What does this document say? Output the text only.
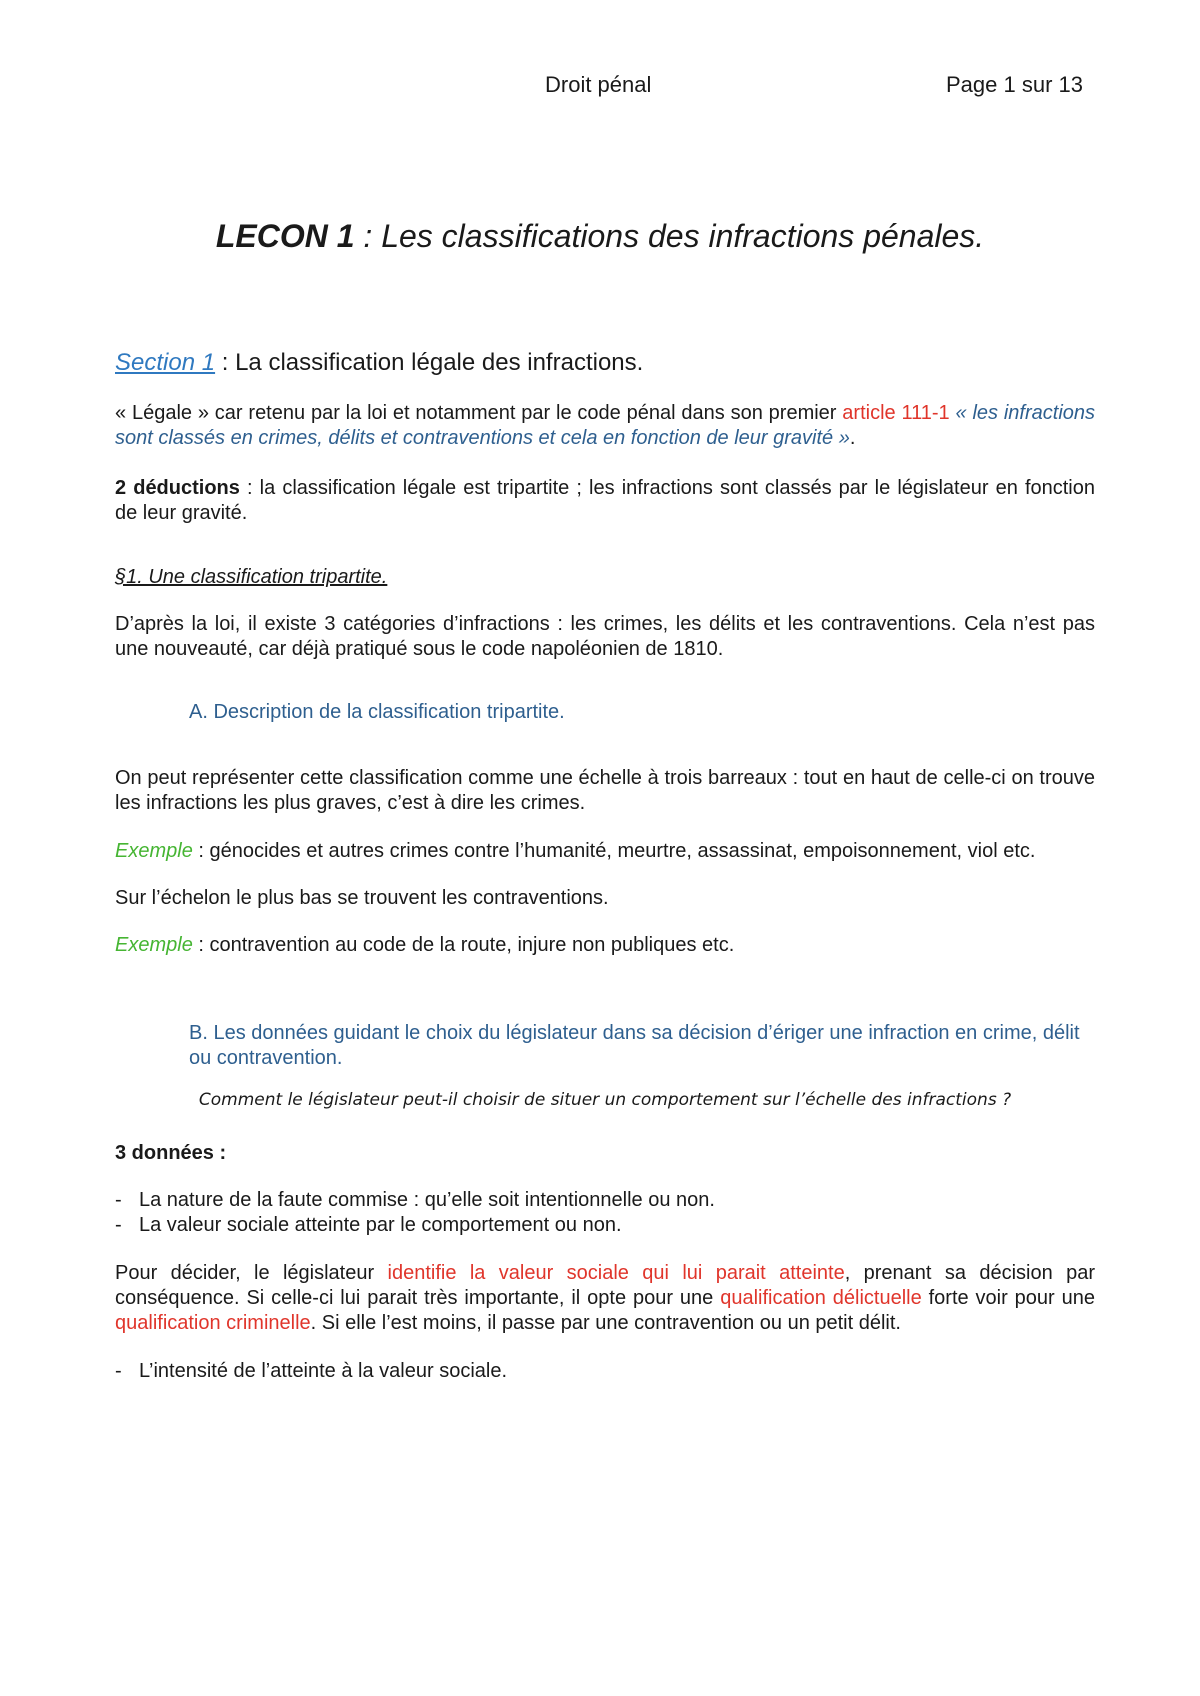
Droit pénal	Page 1 sur 13
LECON 1 : Les classifications des infractions pénales.

Section 1 : La classification légale des infractions.

« Légale » car retenu par la loi et notamment par le code pénal dans son premier article 111-1 « les infractions sont classés en crimes, délits et contraventions et cela en fonction de leur gravité ».

2 déductions : la classification légale est tripartite ; les infractions sont classés par le législateur en fonction de leur gravité.

§1. Une classification tripartite.

D’après la loi, il existe 3 catégories d’infractions : les crimes, les délits et les contraventions. Cela n’est pas une nouveauté, car déjà pratiqué sous le code napoléonien de 1810.

A. Description de la classification tripartite.

On peut représenter cette classification comme une échelle à trois barreaux : tout en haut de celle-ci on trouve les infractions les plus graves, c’est à dire les crimes.

Exemple : génocides et autres crimes contre l’humanité, meurtre, assassinat, empoisonnement, viol etc.

Sur l’échelon le plus bas se trouvent les contraventions.

Exemple : contravention au code de la route, injure non publiques etc.

B. Les données guidant le choix du législateur dans sa décision d’ériger une infraction en crime, délit ou contravention.

Comment le législateur peut-il choisir de situer un comportement sur l’échelle des infractions ?

3 données :

- La nature de la faute commise : qu’elle soit intentionnelle ou non.
- La valeur sociale atteinte par le comportement ou non.

Pour décider, le législateur identifie la valeur sociale qui lui parait atteinte, prenant sa décision par conséquence. Si celle-ci lui parait très importante, il opte pour une qualification délictuelle forte voir pour une qualification criminelle. Si elle l’est moins, il passe par une contravention ou un petit délit.

- L’intensité de l’atteinte à la valeur sociale.
